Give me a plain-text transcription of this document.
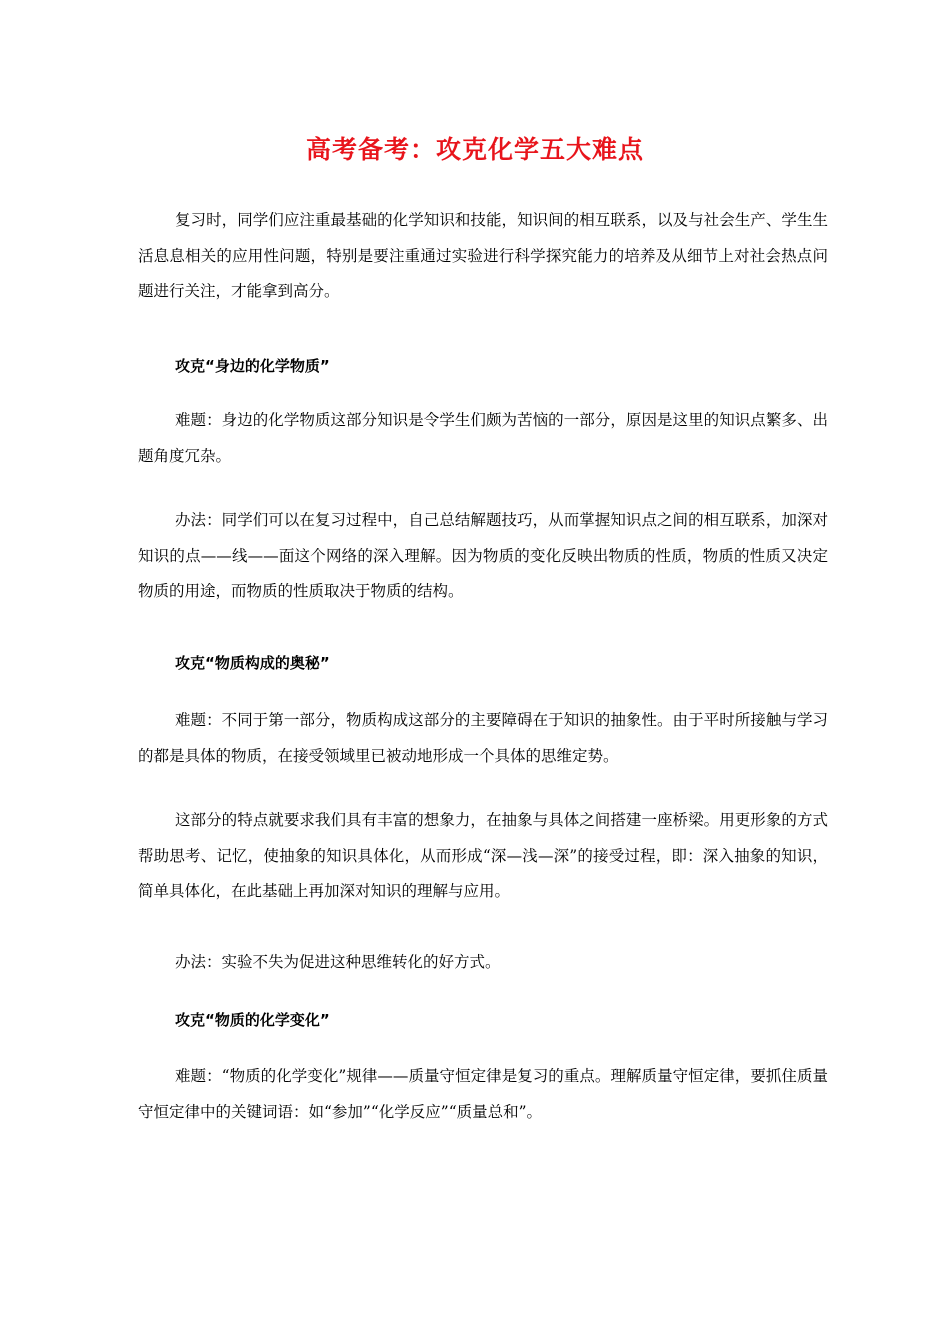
高考备考：攻克化学五大难点

复习时，同学们应注重最基础的化学知识和技能，知识间的相互联系，以及与社会生产、学生生活息息相关的应用性问题，特别是要注重通过实验进行科学探究能力的培养及从细节上对社会热点问题进行关注，才能拿到高分。

攻克“身边的化学物质”

难题：身边的化学物质这部分知识是令学生们颇为苦恼的一部分，原因是这里的知识点繁多、出题角度冗杂。

办法：同学们可以在复习过程中，自己总结解题技巧，从而掌握知识点之间的相互联系，加深对知识的点——线——面这个网络的深入理解。因为物质的变化反映出物质的性质，物质的性质又决定物质的用途，而物质的性质取决于物质的结构。

攻克“物质构成的奥秘”

难题：不同于第一部分，物质构成这部分的主要障碍在于知识的抽象性。由于平时所接触与学习的都是具体的物质，在接受领域里已被动地形成一个具体的思维定势。

这部分的特点就要求我们具有丰富的想象力，在抽象与具体之间搭建一座桥梁。用更形象的方式帮助思考、记忆，使抽象的知识具体化，从而形成“深—浅—深”的接受过程，即：深入抽象的知识，简单具体化，在此基础上再加深对知识的理解与应用。

办法：实验不失为促进这种思维转化的好方式。

攻克“物质的化学变化”

难题：“物质的化学变化”规律——质量守恒定律是复习的重点。理解质量守恒定律，要抓住质量守恒定律中的关键词语：如“参加”“化学反应”“质量总和”。
